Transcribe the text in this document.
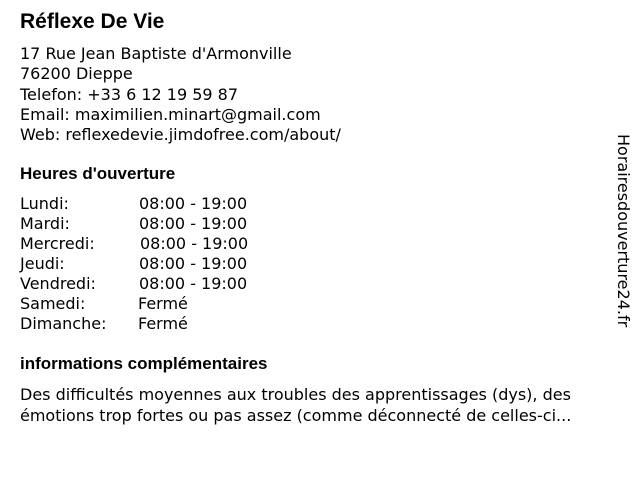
Réflexe De Vie
17 Rue Jean Baptiste d'Armonville
76200 Dieppe
Telefon: +33 6 12 19 59 87
Email: maximilien.minart@gmail.com
Web: reflexedevie.jimdofree.com/about/
Heures d'ouverture
Lundi:	08:00 - 19:00
Mardi:	08:00 - 19:00
Mercredi:	08:00 - 19:00
Jeudi:	08:00 - 19:00
Vendredi:	08:00 - 19:00
Samedi:	Fermé
Dimanche: Fermé
informations complémentaires
Des difficultés moyennes aux troubles des apprentissages (dys), des
émotions trop fortes ou pas assez (comme déconnecté de celles-ci...
Horairesdouverture24.fr
